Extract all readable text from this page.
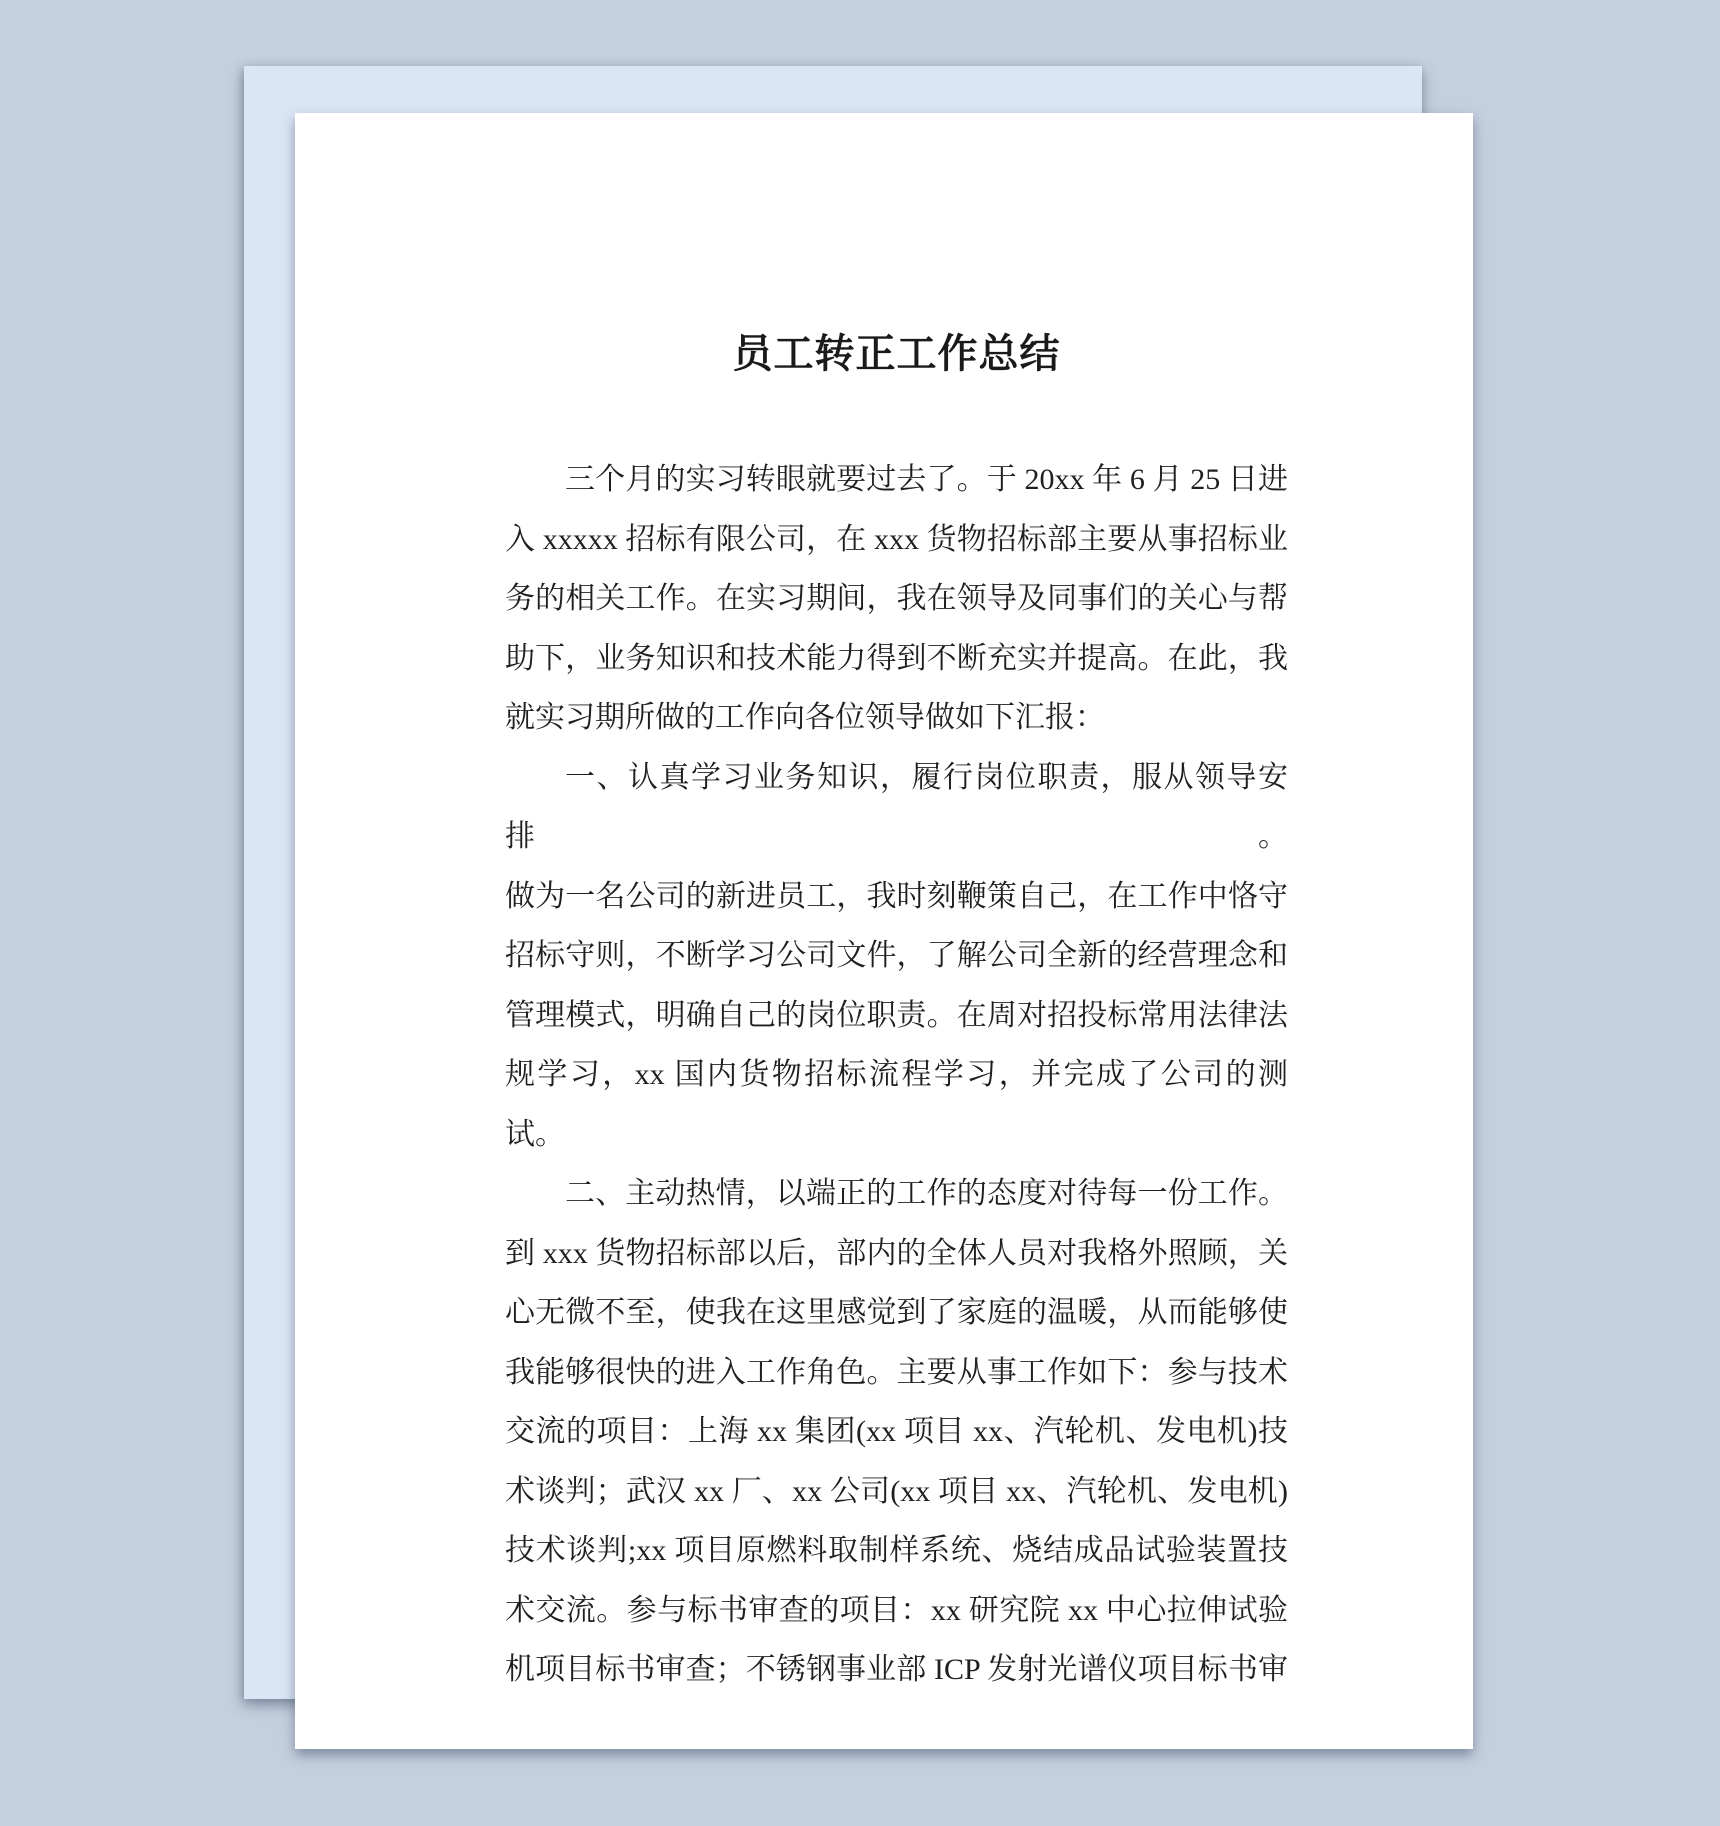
员工转正工作总结
三个月的实习转眼就要过去了。于 20xx 年 6 月 25 日进
入 xxxxx 招标有限公司，在 xxx 货物招标部主要从事招标业
务的相关工作。在实习期间，我在领导及同事们的关心与帮
助下，业务知识和技术能力得到不断充实并提高。在此，我
就实习期所做的工作向各位领导做如下汇报：
一、认真学习业务知识，履行岗位职责，服从领导安排。
做为一名公司的新进员工，我时刻鞭策自己，在工作中恪守
招标守则，不断学习公司文件，了解公司全新的经营理念和
管理模式，明确自己的岗位职责。在周对招投标常用法律法
规学习，xx 国内货物招标流程学习，并完成了公司的测试。
二、主动热情，以端正的工作的态度对待每一份工作。
到 xxx 货物招标部以后，部内的全体人员对我格外照顾，关
心无微不至，使我在这里感觉到了家庭的温暖，从而能够使
我能够很快的进入工作角色。主要从事工作如下：参与技术
交流的项目：上海 xx 集团(xx 项目 xx、汽轮机、发电机)技
术谈判；武汉 xx 厂、xx 公司(xx 项目 xx、汽轮机、发电机)
技术谈判;xx 项目原燃料取制样系统、烧结成品试验装置技
术交流。参与标书审查的项目：xx 研究院 xx 中心拉伸试验
机项目标书审查；不锈钢事业部 ICP 发射光谱仪项目标书审
